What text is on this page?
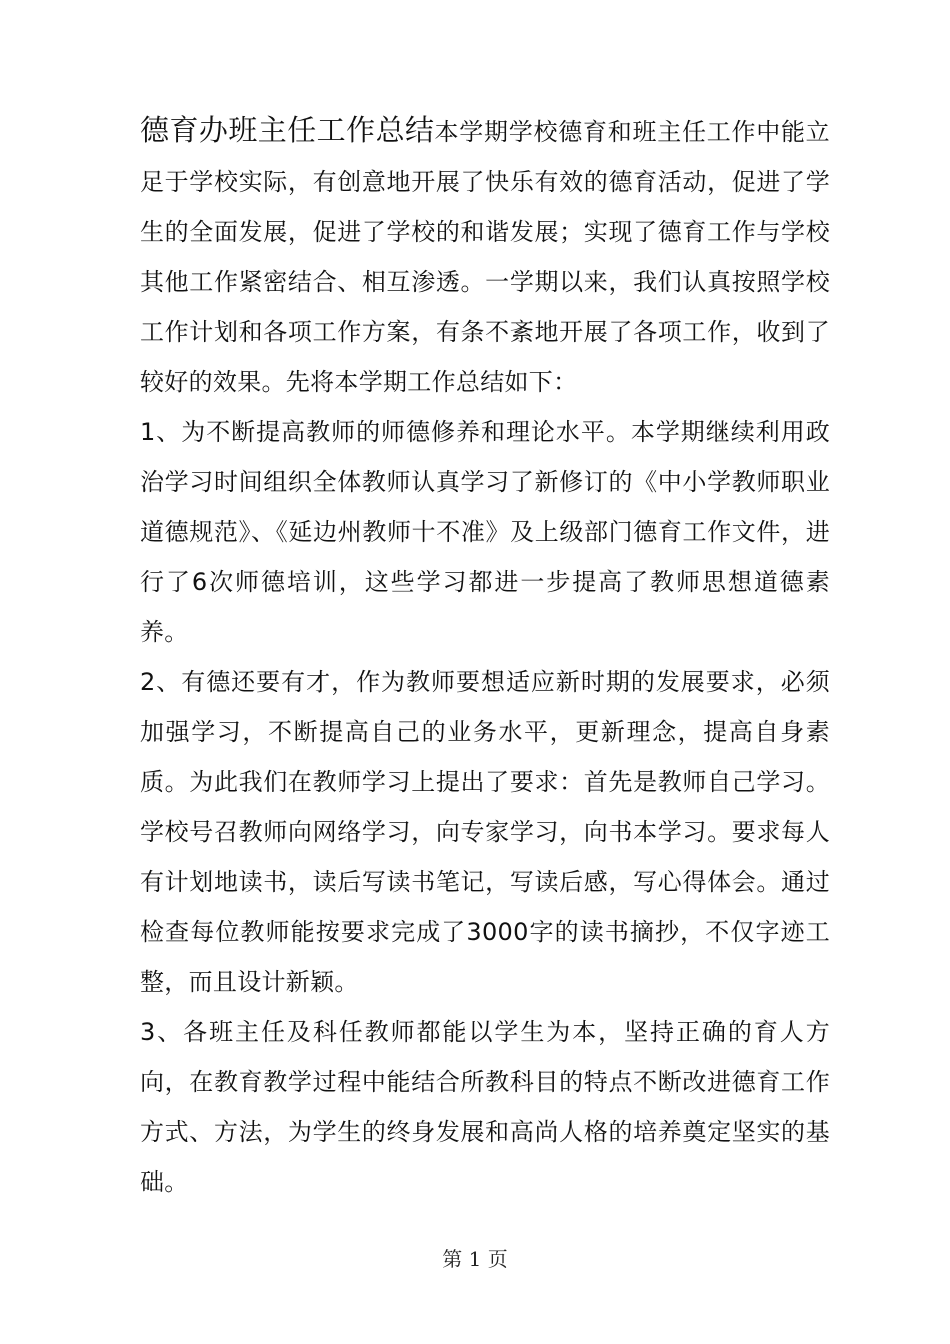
德育办班主任工作总结本学期学校德育和班主任工作中能立足于学校实际，有创意地开展了快乐有效的德育活动，促进了学生的全面发展，促进了学校的和谐发展；实现了德育工作与学校其他工作紧密结合、相互渗透。一学期以来，我们认真按照学校工作计划和各项工作方案，有条不紊地开展了各项工作，收到了较好的效果。先将本学期工作总结如下：

1、为不断提高教师的师德修养和理论水平。本学期继续利用政治学习时间组织全体教师认真学习了新修订的《中小学教师职业道德规范》、《延边州教师十不准》及上级部门德育工作文件，进行了6次师德培训，这些学习都进一步提高了教师思想道德素养。

2、有德还要有才，作为教师要想适应新时期的发展要求，必须加强学习，不断提高自己的业务水平，更新理念，提高自身素质。为此我们在教师学习上提出了要求：首先是教师自己学习。学校号召教师向网络学习，向专家学习，向书本学习。要求每人有计划地读书，读后写读书笔记，写读后感，写心得体会。通过检查每位教师能按要求完成了3000字的读书摘抄，不仅字迹工整，而且设计新颖。

3、各班主任及科任教师都能以学生为本，坚持正确的育人方向，在教育教学过程中能结合所教科目的特点不断改进德育工作方式、方法，为学生的终身发展和高尚人格的培养奠定坚实的基础。

第 1 页
